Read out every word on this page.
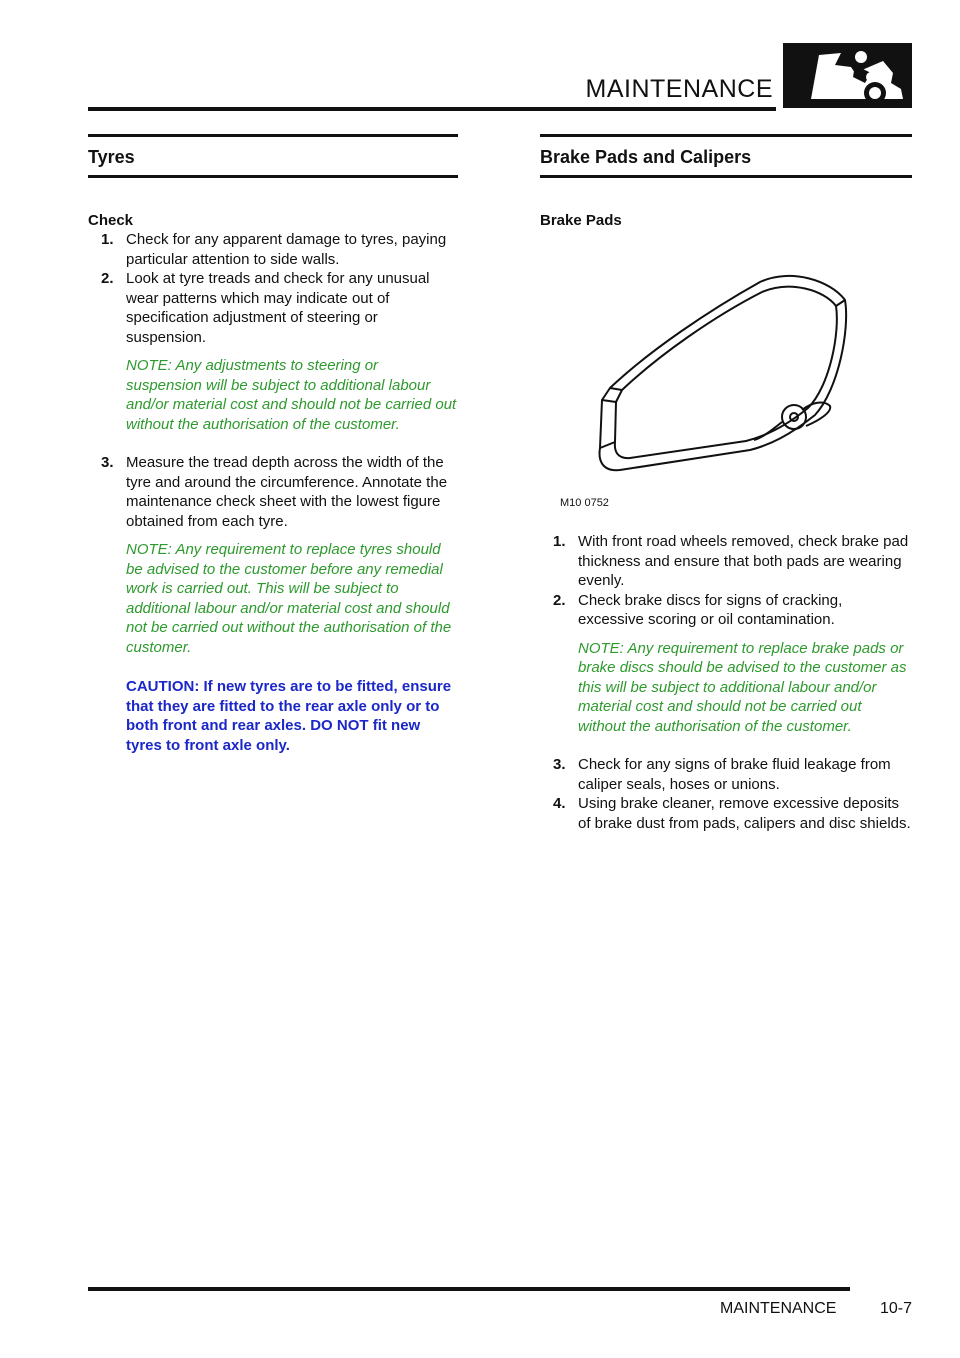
MAINTENANCE
Tyres
Check
1. Check for any apparent damage to tyres, paying particular attention to side walls.
2. Look at tyre treads and check for any unusual wear patterns which may indicate out of specification adjustment of steering or suspension.
NOTE: Any adjustments to steering or suspension will be subject to additional labour and/or material cost and should not be carried out without the authorisation of the customer.
3. Measure the tread depth across the width of the tyre and around the circumference. Annotate the maintenance check sheet with the lowest figure obtained from each tyre.
NOTE: Any requirement to replace tyres should be advised to the customer before any remedial work is carried out. This will be subject to additional labour and/or material cost and should not be carried out without the authorisation of the customer.
CAUTION: If new tyres are to be fitted, ensure that they are fitted to the rear axle only or to both front and rear axles. DO NOT fit new tyres to front axle only.
Brake Pads and Calipers
Brake Pads
M10 0752
1. With front road wheels removed, check brake pad thickness and ensure that both pads are wearing evenly.
2. Check brake discs for signs of cracking, excessive scoring or oil contamination.
NOTE: Any requirement to replace brake pads or brake discs should be advised to the customer as this will be subject to additional labour and/or material cost and should not be carried out without the authorisation of the customer.
3. Check for any signs of brake fluid leakage from caliper seals, hoses or unions.
4. Using brake cleaner, remove excessive deposits of brake dust from pads, calipers and disc shields.
MAINTENANCE	10-7
